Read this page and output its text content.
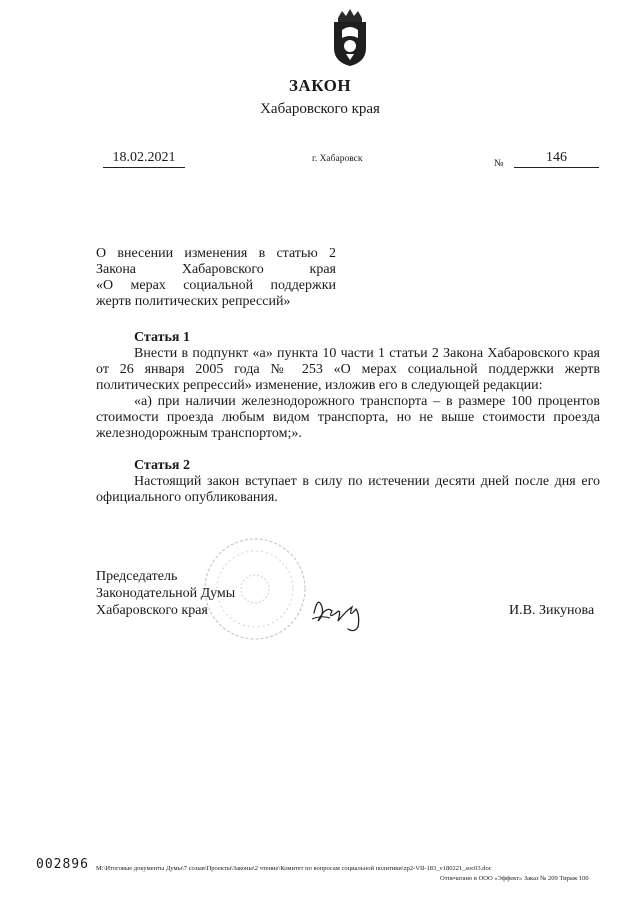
ЗАКОН
Хабаровского края
18.02.2021	г. Хабаровск	№	146
О внесении изменения в статью 2
Закона Хабаровского края
«О мерах социальной поддержки
жертв политических репрессий»
Статья 1
Внести в подпункт «а» пункта 10 части 1 статьи 2 Закона Хабаровского края
от 26 января 2005 года № 253 «О мерах социальной поддержки жертв
политических репрессий» изменение, изложив его в следующей редакции:
«а) при наличии железнодорожного транспорта – в размере 100 процентов
стоимости проезда любым видом транспорта, но не выше стоимости проезда
железнодорожным транспортом;».
Статья 2
Настоящий закон вступает в силу по истечении десяти дней после дня его
официального опубликования.
Председатель
Законодательной Думы
Хабаровского края	И.В. Зикунова
002896 М:\Итоговые документы Думы\7 созыв\Проекты\Законы\2 чтение\Комитет по вопросам социальной политики\zp2-VII-183_v180221_soc03.doc
Отпечатано в ООО «Эффект» Заказ № 209 Тираж 100
